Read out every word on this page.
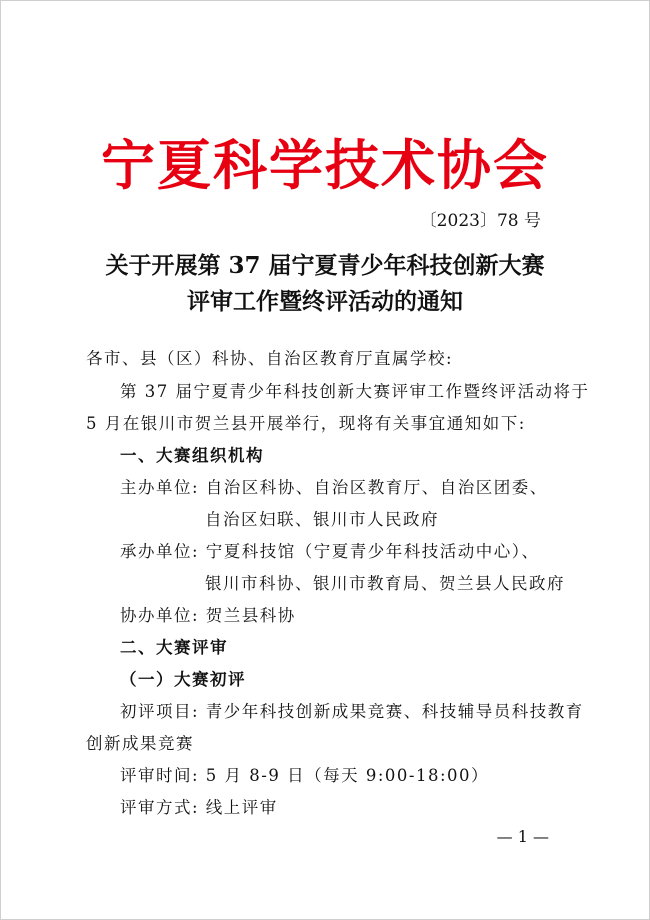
宁夏科学技术协会
〔2023〕78 号
关于开展第 37 届宁夏青少年科技创新大赛
评审工作暨终评活动的通知
各市、县（区）科协、自治区教育厅直属学校:
第 37 届宁夏青少年科技创新大赛评审工作暨终评活动将于
5 月在银川市贺兰县开展举行，现将有关事宜通知如下:
一、大赛组织机构
主办单位: 自治区科协、自治区教育厅、自治区团委、
自治区妇联、银川市人民政府
承办单位: 宁夏科技馆（宁夏青少年科技活动中心）、
银川市科协、银川市教育局、贺兰县人民政府
协办单位: 贺兰县科协
二、大赛评审
（一）大赛初评
初评项目: 青少年科技创新成果竞赛、科技辅导员科技教育
创新成果竞赛
评审时间: 5 月 8-9 日（每天 9:00-18:00）
评审方式: 线上评审
— 1 —
